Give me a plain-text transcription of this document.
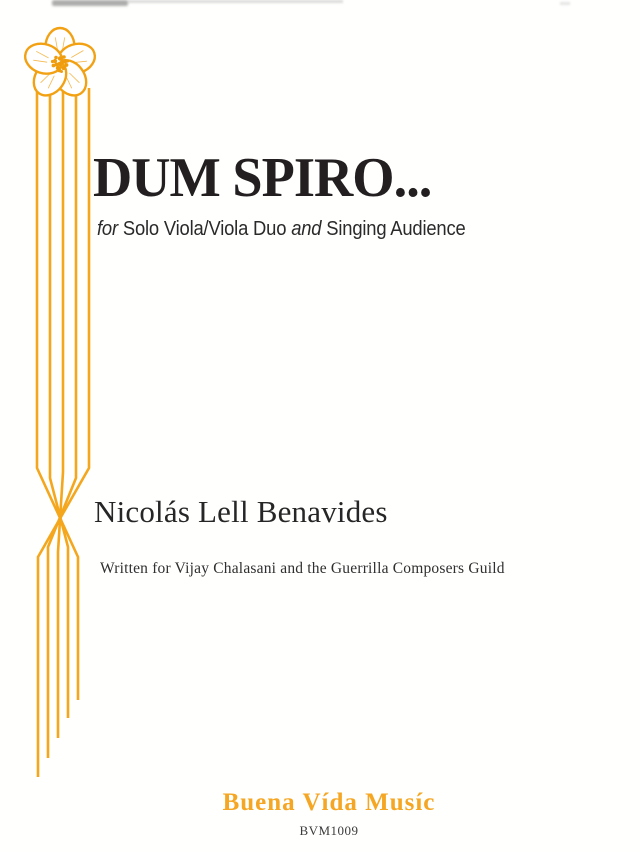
DUM SPIRO...

for Solo Viola/Viola Duo and Singing Audience

Nicolás Lell Benavides
Written for Vijay Chalasani and the Guerrilla Composers Guild
Buena Vída Musíc
BVM1009
